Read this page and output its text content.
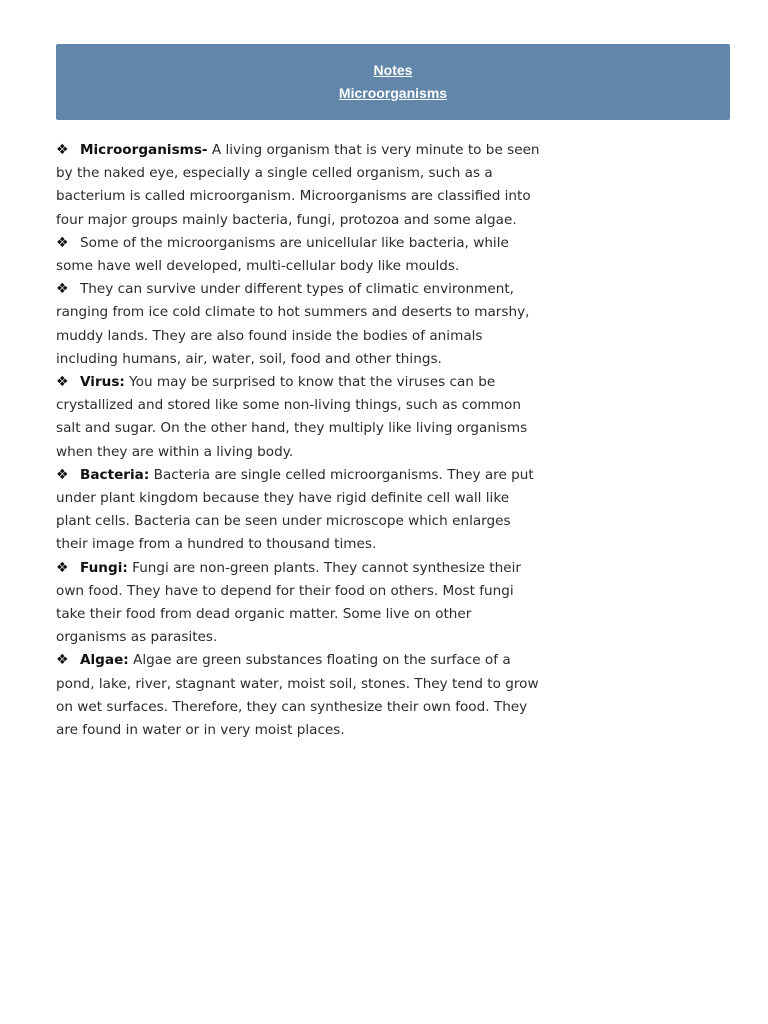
Notes
Microorganisms

❖ Microorganisms- A living organism that is very minute to be seen by the naked eye, especially a single celled organism, such as a bacterium is called microorganism. Microorganisms are classified into four major groups mainly bacteria, fungi, protozoa and some algae.

❖ Some of the microorganisms are unicellular like bacteria, while some have well developed, multi-cellular body like moulds.

❖ They can survive under different types of climatic environment, ranging from ice cold climate to hot summers and deserts to marshy, muddy lands. They are also found inside the bodies of animals including humans, air, water, soil, food and other things.

❖ Virus: You may be surprised to know that the viruses can be crystallized and stored like some non-living things, such as common salt and sugar. On the other hand, they multiply like living organisms when they are within a living body.

❖ Bacteria: Bacteria are single celled microorganisms. They are put under plant kingdom because they have rigid definite cell wall like plant cells. Bacteria can be seen under microscope which enlarges their image from a hundred to thousand times.

❖ Fungi: Fungi are non-green plants. They cannot synthesize their own food. They have to depend for their food on others. Most fungi take their food from dead organic matter. Some live on other organisms as parasites.

❖ Algae: Algae are green substances floating on the surface of a pond, lake, river, stagnant water, moist soil, stones. They tend to grow on wet surfaces. Therefore, they can synthesize their own food. They are found in water or in very moist places.
